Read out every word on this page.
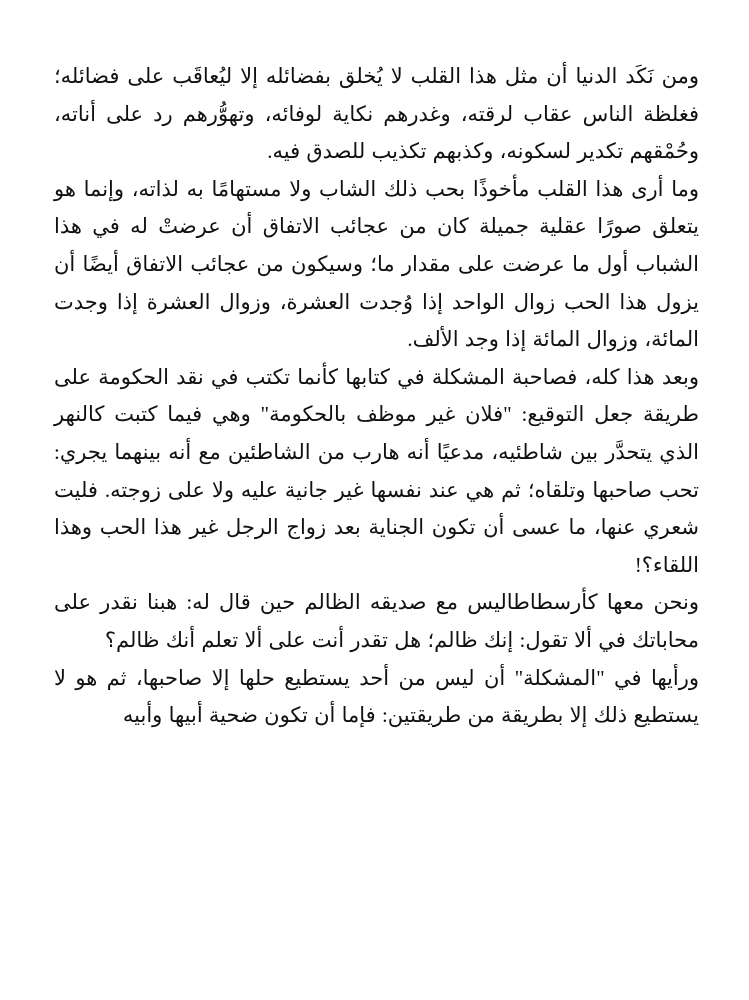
ومن نَكَد الدنيا أن مثل هذا القلب لا يُخلق بفضائله إلا ليُعاقَب على فضائله؛ فغلظة الناس عقاب لرقته، وغدرهم نكاية لوفائه، وتهوُّرهم رد على أناته، وحُمْقهم تكدير لسكونه، وكذبهم تكذيب للصدق فيه.

وما أرى هذا القلب مأخوذًا بحب ذلك الشاب ولا مستهامًا به لذاته، وإنما هو يتعلق صورًا عقلية جميلة كان من عجائب الاتفاق أن عرضتْ له في هذا الشباب أول ما عرضت على مقدار ما؛ وسيكون من عجائب الاتفاق أيضًا أن يزول هذا الحب زوال الواحد إذا وُجدت العشرة، وزوال العشرة إذا وجدت المائة، وزوال المائة إذا وجد الألف.

وبعد هذا كله، فصاحبة المشكلة في كتابها كأنما تكتب في نقد الحكومة على طريقة جعل التوقيع: "فلان غير موظف بالحكومة" وهي فيما كتبت كالنهر الذي يتحدَّر بين شاطئيه، مدعيًا أنه هارب من الشاطئين مع أنه بينهما يجري: تحب صاحبها وتلقاه؛ ثم هي عند نفسها غير جانية عليه ولا على زوجته. فليت شعري عنها، ما عسى أن تكون الجناية بعد زواج الرجل غير هذا الحب وهذا اللقاء؟!

ونحن معها كأرسطاطاليس مع صديقه الظالم حين قال له: هبنا نقدر على محاباتك في ألا تقول: إنك ظالم؛ هل تقدر أنت على ألا تعلم أنك ظالم؟

ورأيها في "المشكلة" أن ليس من أحد يستطيع حلها إلا صاحبها، ثم هو لا يستطيع ذلك إلا بطريقة من طريقتين: فإما أن تكون ضحية أبيها وأبيه
